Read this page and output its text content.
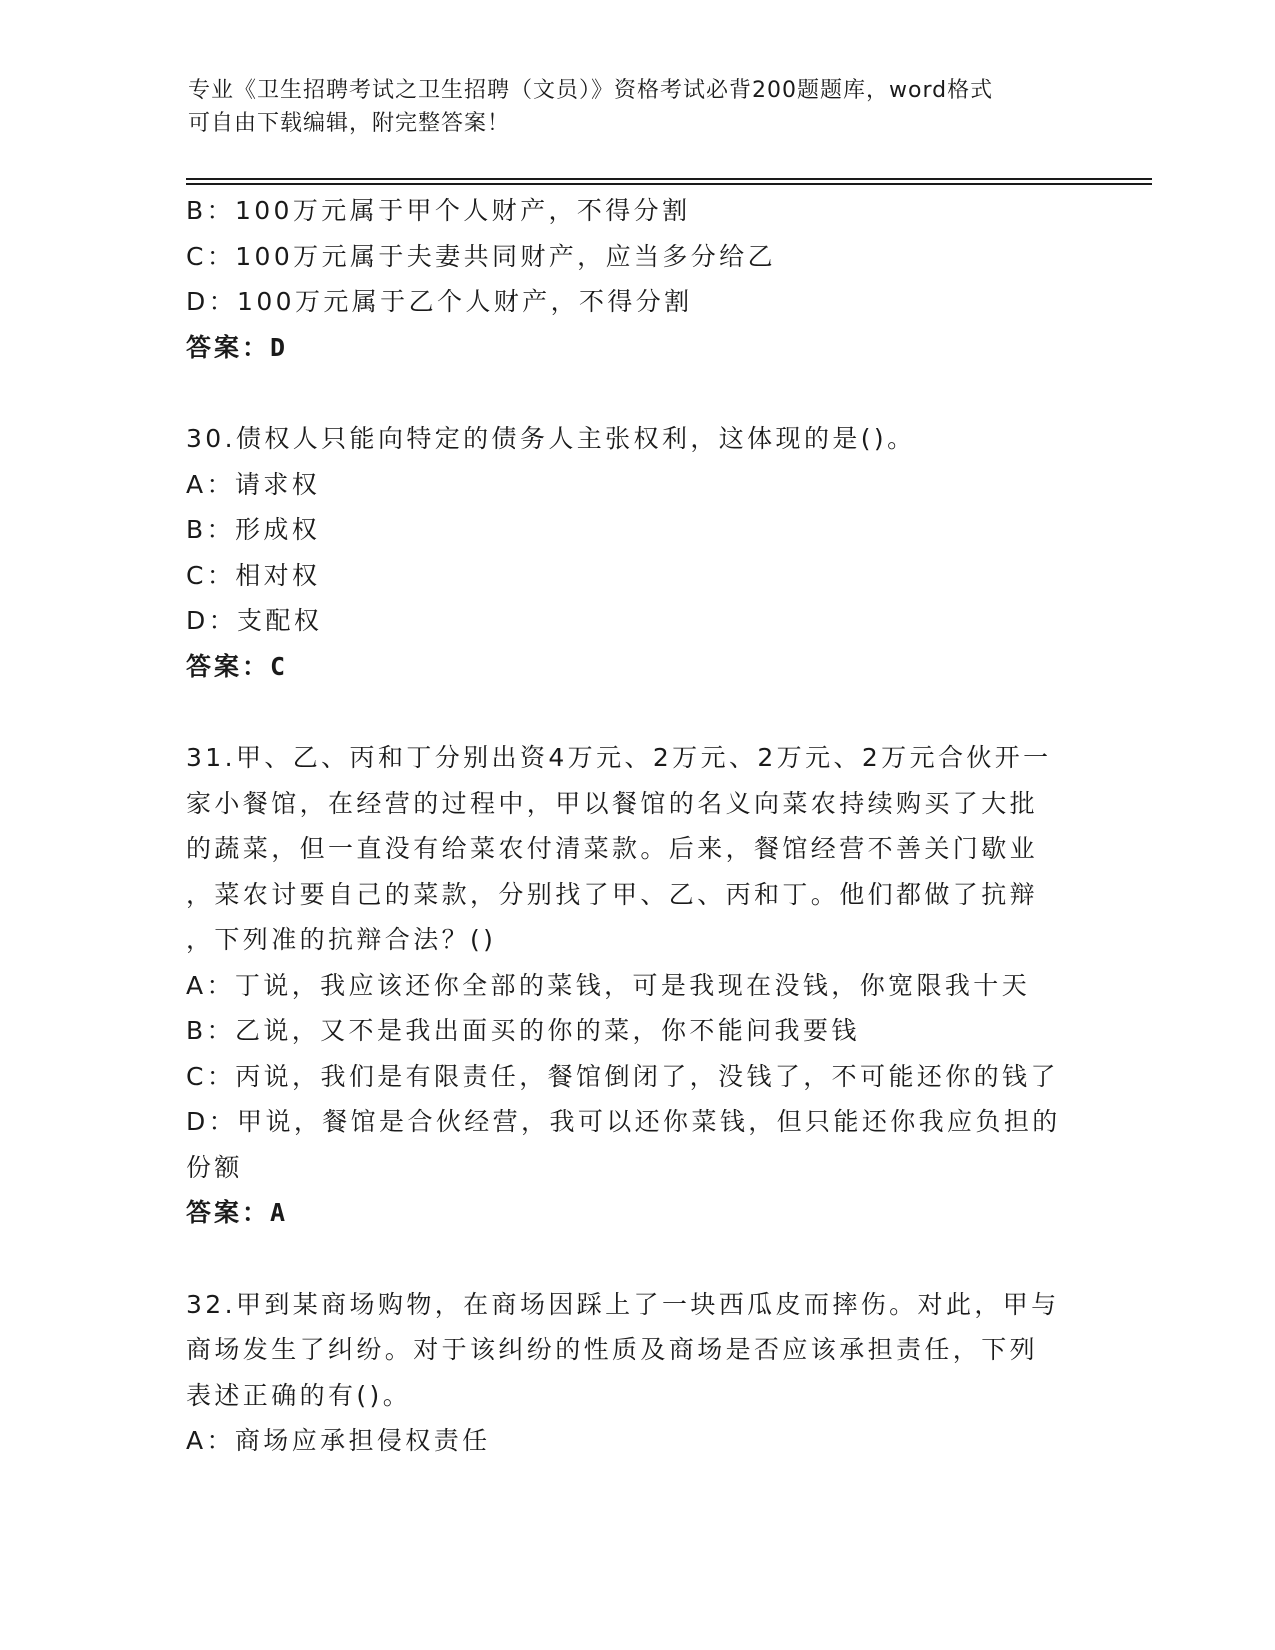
专业《卫生招聘考试之卫生招聘（文员）》资格考试必背200题题库，word格式
可自由下载编辑，附完整答案！
B：100万元属于甲个人财产，不得分割
C：100万元属于夫妻共同财产，应当多分给乙
D：100万元属于乙个人财产，不得分割
答案：D
30.债权人只能向特定的债务人主张权利，这体现的是()。
A：请求权
B：形成权
C：相对权
D：支配权
答案：C
31.甲、乙、丙和丁分别出资4万元、2万元、2万元、2万元合伙开一
家小餐馆，在经营的过程中，甲以餐馆的名义向菜农持续购买了大批
的蔬菜，但一直没有给菜农付清菜款。后来，餐馆经营不善关门歇业
，菜农讨要自己的菜款，分别找了甲、乙、丙和丁。他们都做了抗辩
，下列准的抗辩合法？()
A：丁说，我应该还你全部的菜钱，可是我现在没钱，你宽限我十天
B：乙说，又不是我出面买的你的菜，你不能问我要钱
C：丙说，我们是有限责任，餐馆倒闭了，没钱了，不可能还你的钱了
D：甲说，餐馆是合伙经营，我可以还你菜钱，但只能还你我应负担的
份额
答案：A
32.甲到某商场购物，在商场因踩上了一块西瓜皮而摔伤。对此，甲与
商场发生了纠纷。对于该纠纷的性质及商场是否应该承担责任，下列
表述正确的有()。
A：商场应承担侵权责任
